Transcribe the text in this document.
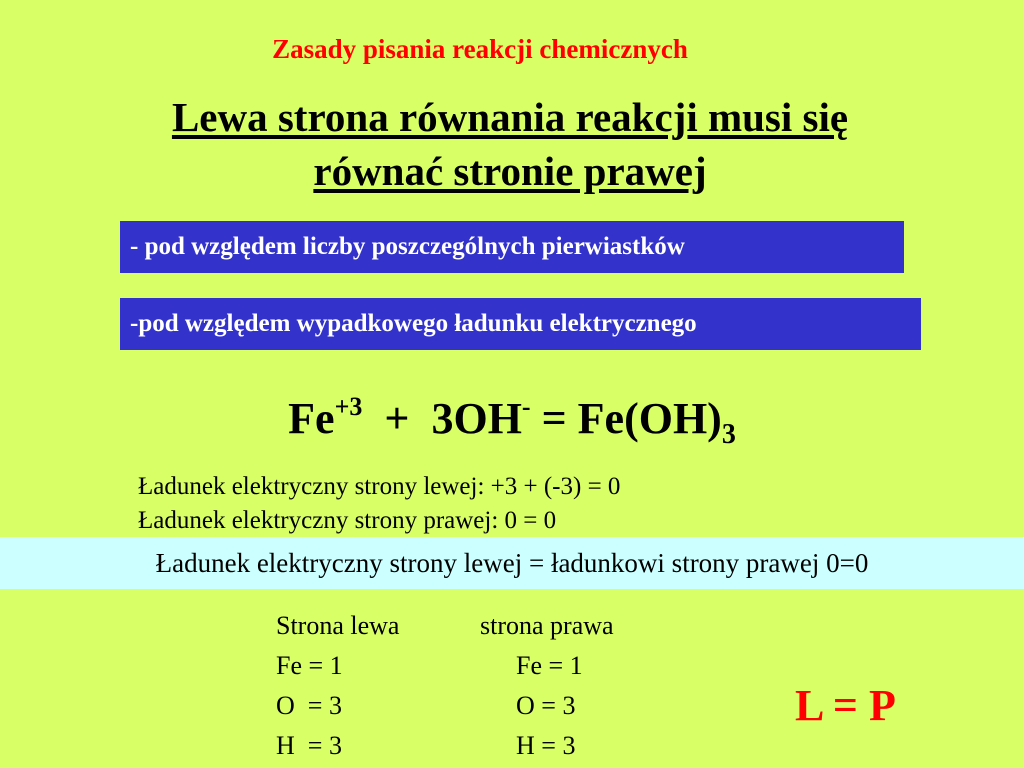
Zasady pisania reakcji chemicznych
Lewa strona równania reakcji musi się
równać stronie prawej
- pod względem liczby poszczególnych pierwiastków
-pod względem wypadkowego ładunku elektrycznego
$Fe^{+3} + 3OH^- = Fe(OH)_3$
Ładunek elektryczny strony lewej: +3 + (-3) = 0
Ładunek elektryczny strony prawej: 0 = 0
Ładunek elektryczny strony lewej = ładunkowi strony prawej 0=0
Strona lewa
Fe = 1
O  = 3
H  = 3
strona prawa
Fe = 1
O = 3
H = 3
L = P
